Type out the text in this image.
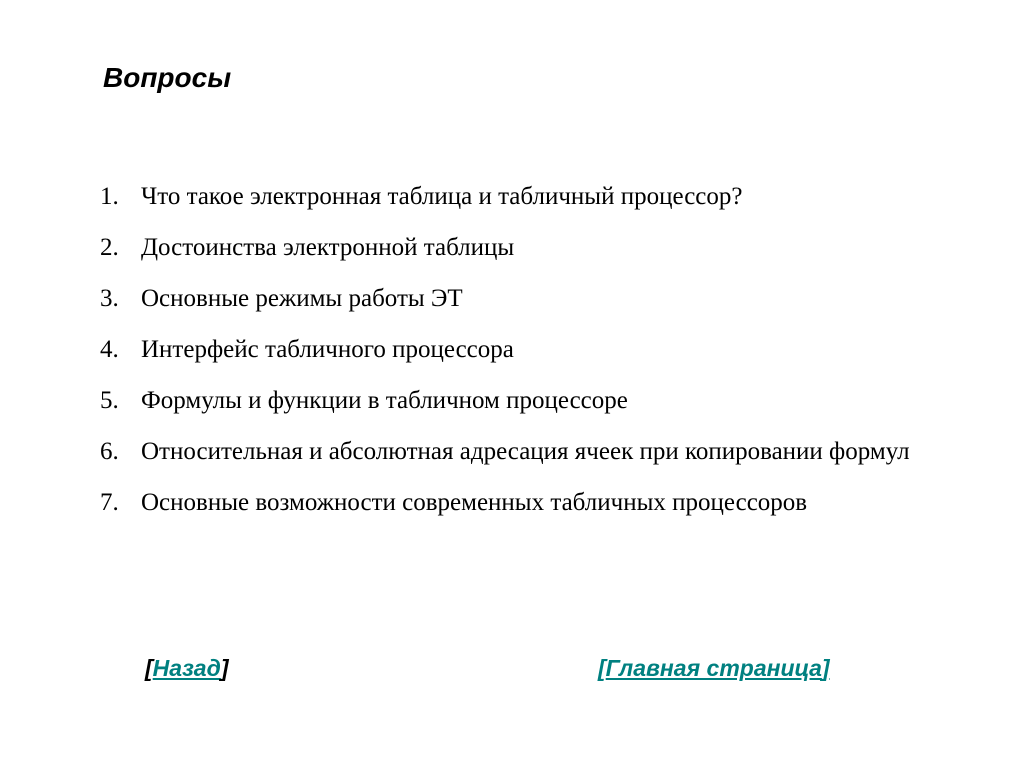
Вопросы
1. Что такое электронная таблица и табличный процессор?
2. Достоинства электронной таблицы
3. Основные режимы работы ЭТ
4. Интерфейс табличного процессора
5. Формулы и функции в табличном процессоре
6. Относительная и абсолютная адресация ячеек при копировании формул
7. Основные возможности современных табличных процессоров
[Назад]	[Главная страница]
